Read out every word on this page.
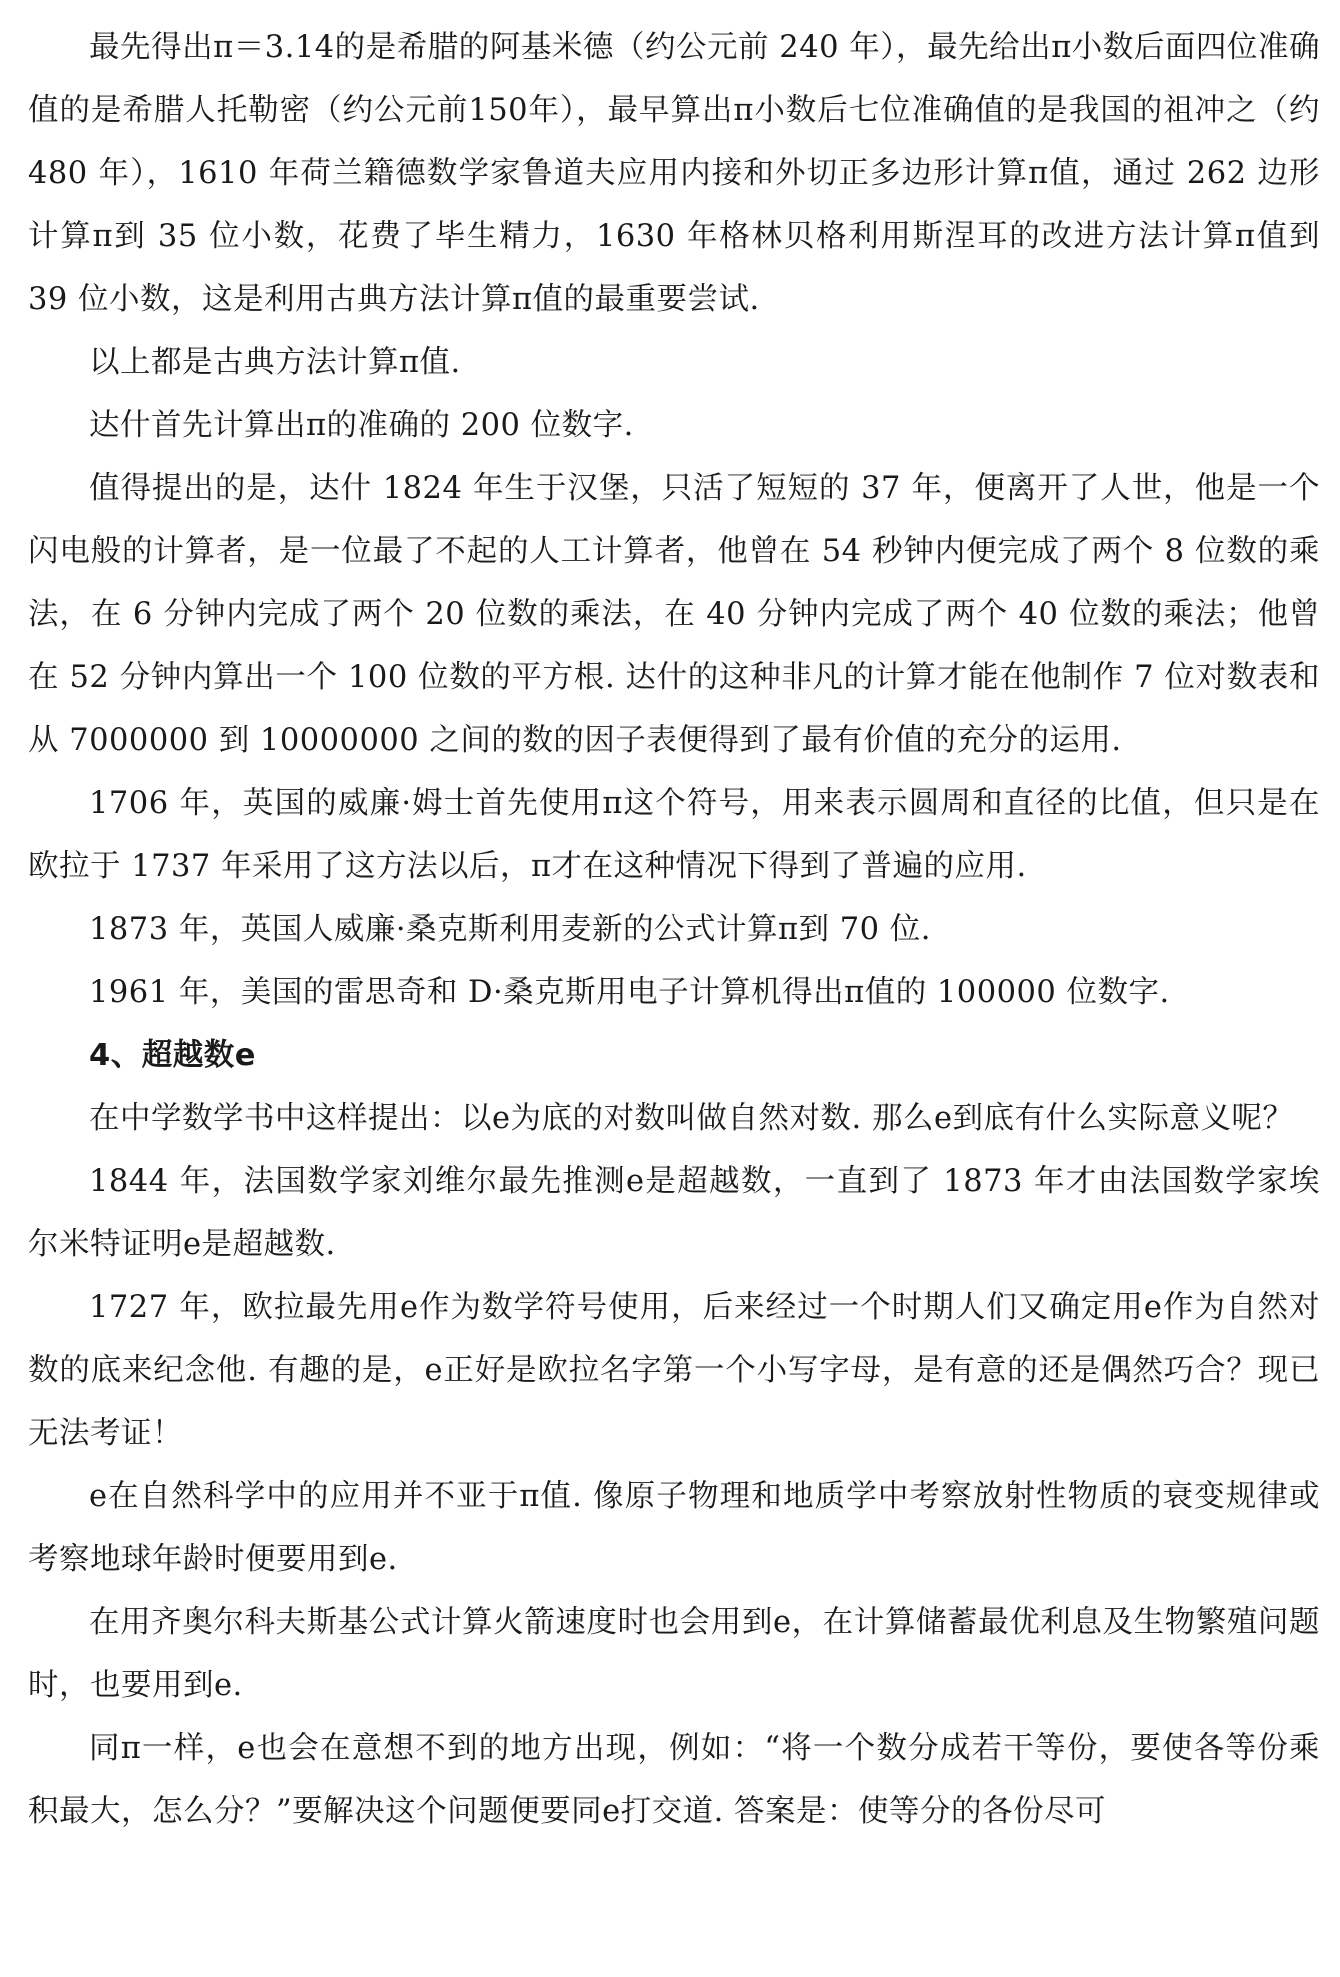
最先得出π＝3.14的是希腊的阿基米德（约公元前 240 年），最先给出π小数后面四位准确值的是希腊人托勒密（约公元前150年），最早算出π小数后七位准确值的是我国的祖冲之（约 480 年），1610 年荷兰籍德数学家鲁道夫应用内接和外切正多边形计算π值，通过 262 边形计算π到 35 位小数，花费了毕生精力，1630 年格林贝格利用斯涅耳的改进方法计算π值到 39 位小数，这是利用古典方法计算π值的最重要尝试.

以上都是古典方法计算π值.

达什首先计算出π的准确的 200 位数字.

值得提出的是，达什 1824 年生于汉堡，只活了短短的 37 年，便离开了人世，他是一个闪电般的计算者，是一位最了不起的人工计算者，他曾在 54 秒钟内便完成了两个 8 位数的乘法，在 6 分钟内完成了两个 20 位数的乘法，在 40 分钟内完成了两个 40 位数的乘法；他曾在 52 分钟内算出一个 100 位数的平方根. 达什的这种非凡的计算才能在他制作 7 位对数表和从 7000000 到 10000000 之间的数的因子表便得到了最有价值的充分的运用.

1706 年，英国的威廉·姆士首先使用π这个符号，用来表示圆周和直径的比值，但只是在欧拉于 1737 年采用了这方法以后，π才在这种情况下得到了普遍的应用.

1873 年，英国人威廉·桑克斯利用麦新的公式计算π到 70 位.

1961 年，美国的雷思奇和 D·桑克斯用电子计算机得出π值的 100000 位数字.

4、超越数e

在中学数学书中这样提出：以e为底的对数叫做自然对数. 那么e到底有什么实际意义呢？

1844 年，法国数学家刘维尔最先推测e是超越数，一直到了 1873 年才由法国数学家埃尔米特证明e是超越数.

1727 年，欧拉最先用e作为数学符号使用，后来经过一个时期人们又确定用e作为自然对数的底来纪念他. 有趣的是，e正好是欧拉名字第一个小写字母，是有意的还是偶然巧合？现已无法考证！

e在自然科学中的应用并不亚于π值. 像原子物理和地质学中考察放射性物质的衰变规律或考察地球年龄时便要用到e.

在用齐奥尔科夫斯基公式计算火箭速度时也会用到e，在计算储蓄最优利息及生物繁殖问题时，也要用到e.

同π一样，e也会在意想不到的地方出现，例如：“将一个数分成若干等份，要使各等份乘积最大，怎么分？”要解决这个问题便要同e打交道. 答案是：使等分的各份尽可
